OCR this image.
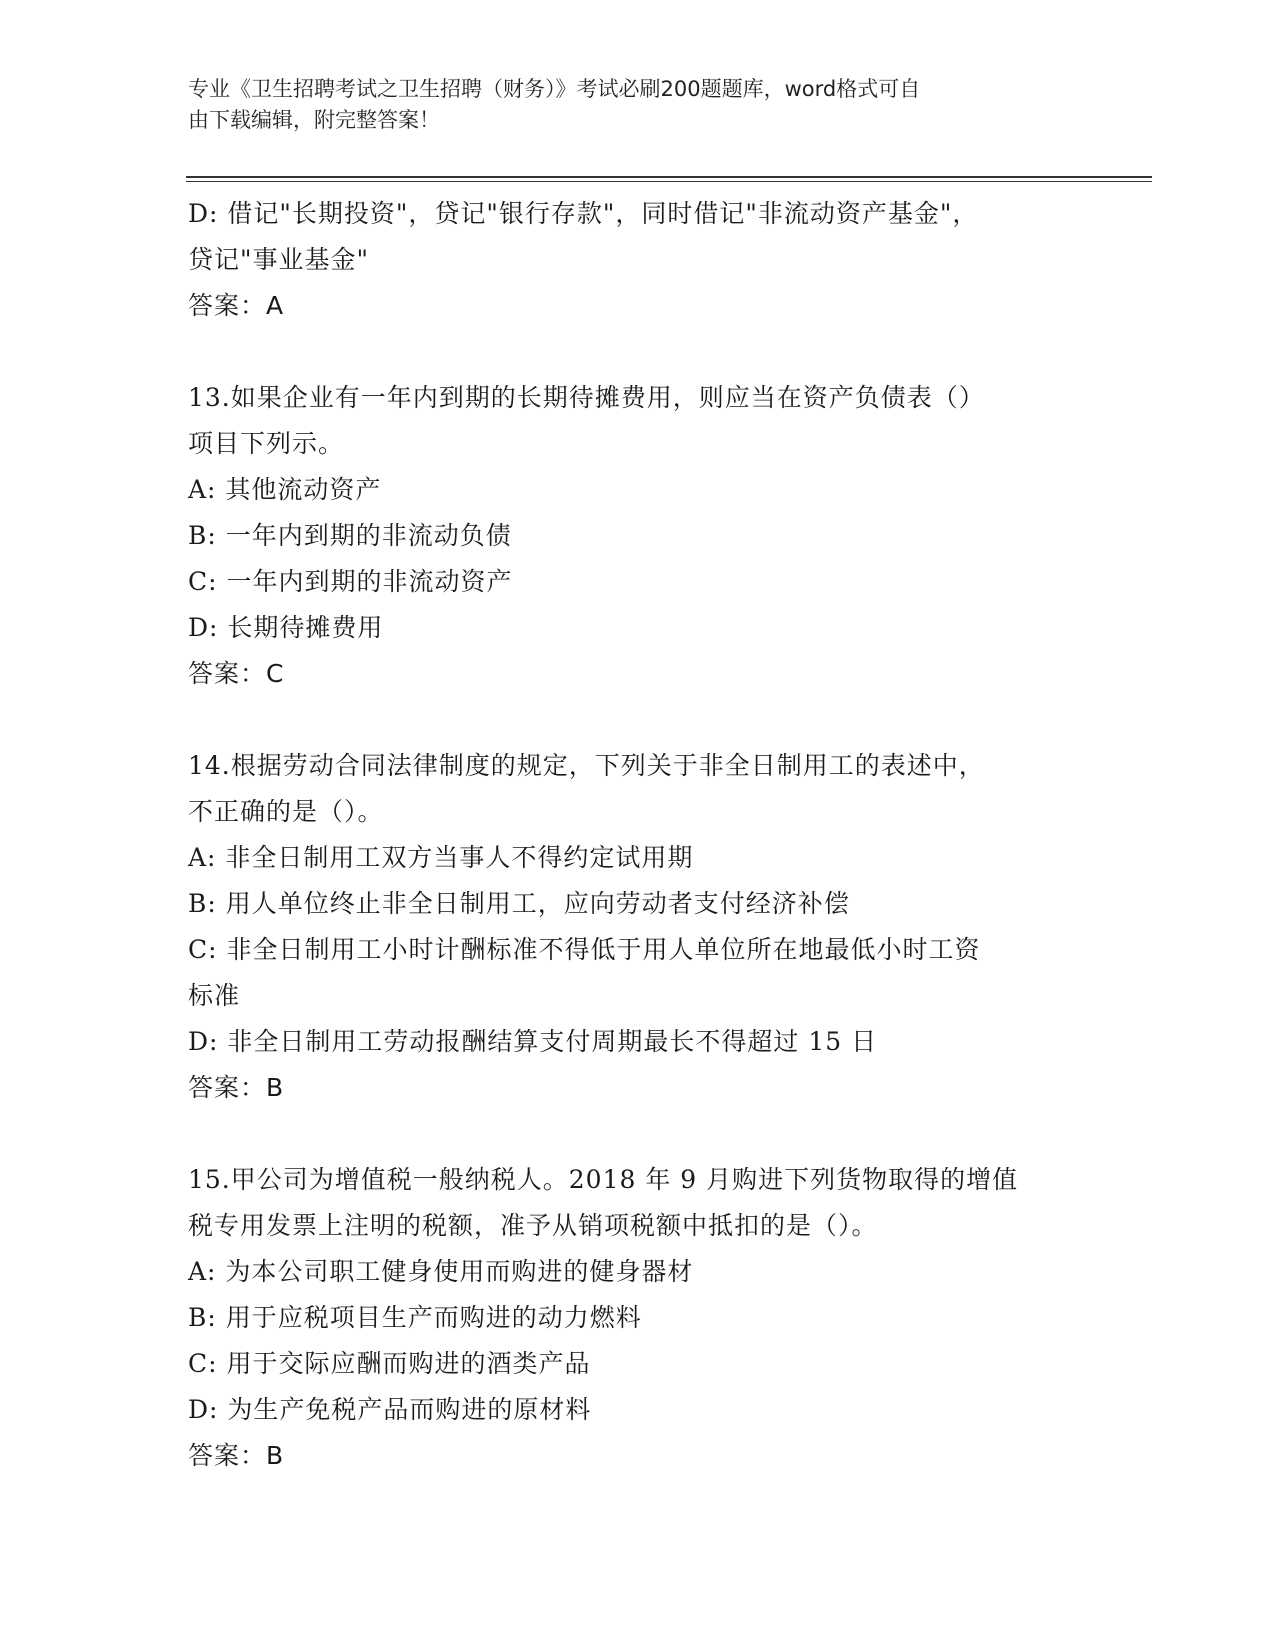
专业《卫生招聘考试之卫生招聘（财务）》考试必刷200题题库，word格式可自
由下载编辑，附完整答案！
D: 借记"长期投资"，贷记"银行存款"，同时借记"非流动资产基金"，
贷记"事业基金"
答案：A
13.如果企业有一年内到期的长期待摊费用，则应当在资产负债表（）
项目下列示。
A: 其他流动资产
B: 一年内到期的非流动负债
C: 一年内到期的非流动资产
D: 长期待摊费用
答案：C
14.根据劳动合同法律制度的规定，下列关于非全日制用工的表述中，
不正确的是（）。
A: 非全日制用工双方当事人不得约定试用期
B: 用人单位终止非全日制用工，应向劳动者支付经济补偿
C: 非全日制用工小时计酬标准不得低于用人单位所在地最低小时工资
标准
D: 非全日制用工劳动报酬结算支付周期最长不得超过 15 日
答案：B
15.甲公司为增值税一般纳税人。2018 年 9 月购进下列货物取得的增值
税专用发票上注明的税额，准予从销项税额中抵扣的是（）。
A: 为本公司职工健身使用而购进的健身器材
B: 用于应税项目生产而购进的动力燃料
C: 用于交际应酬而购进的酒类产品
D: 为生产免税产品而购进的原材料
答案：B
